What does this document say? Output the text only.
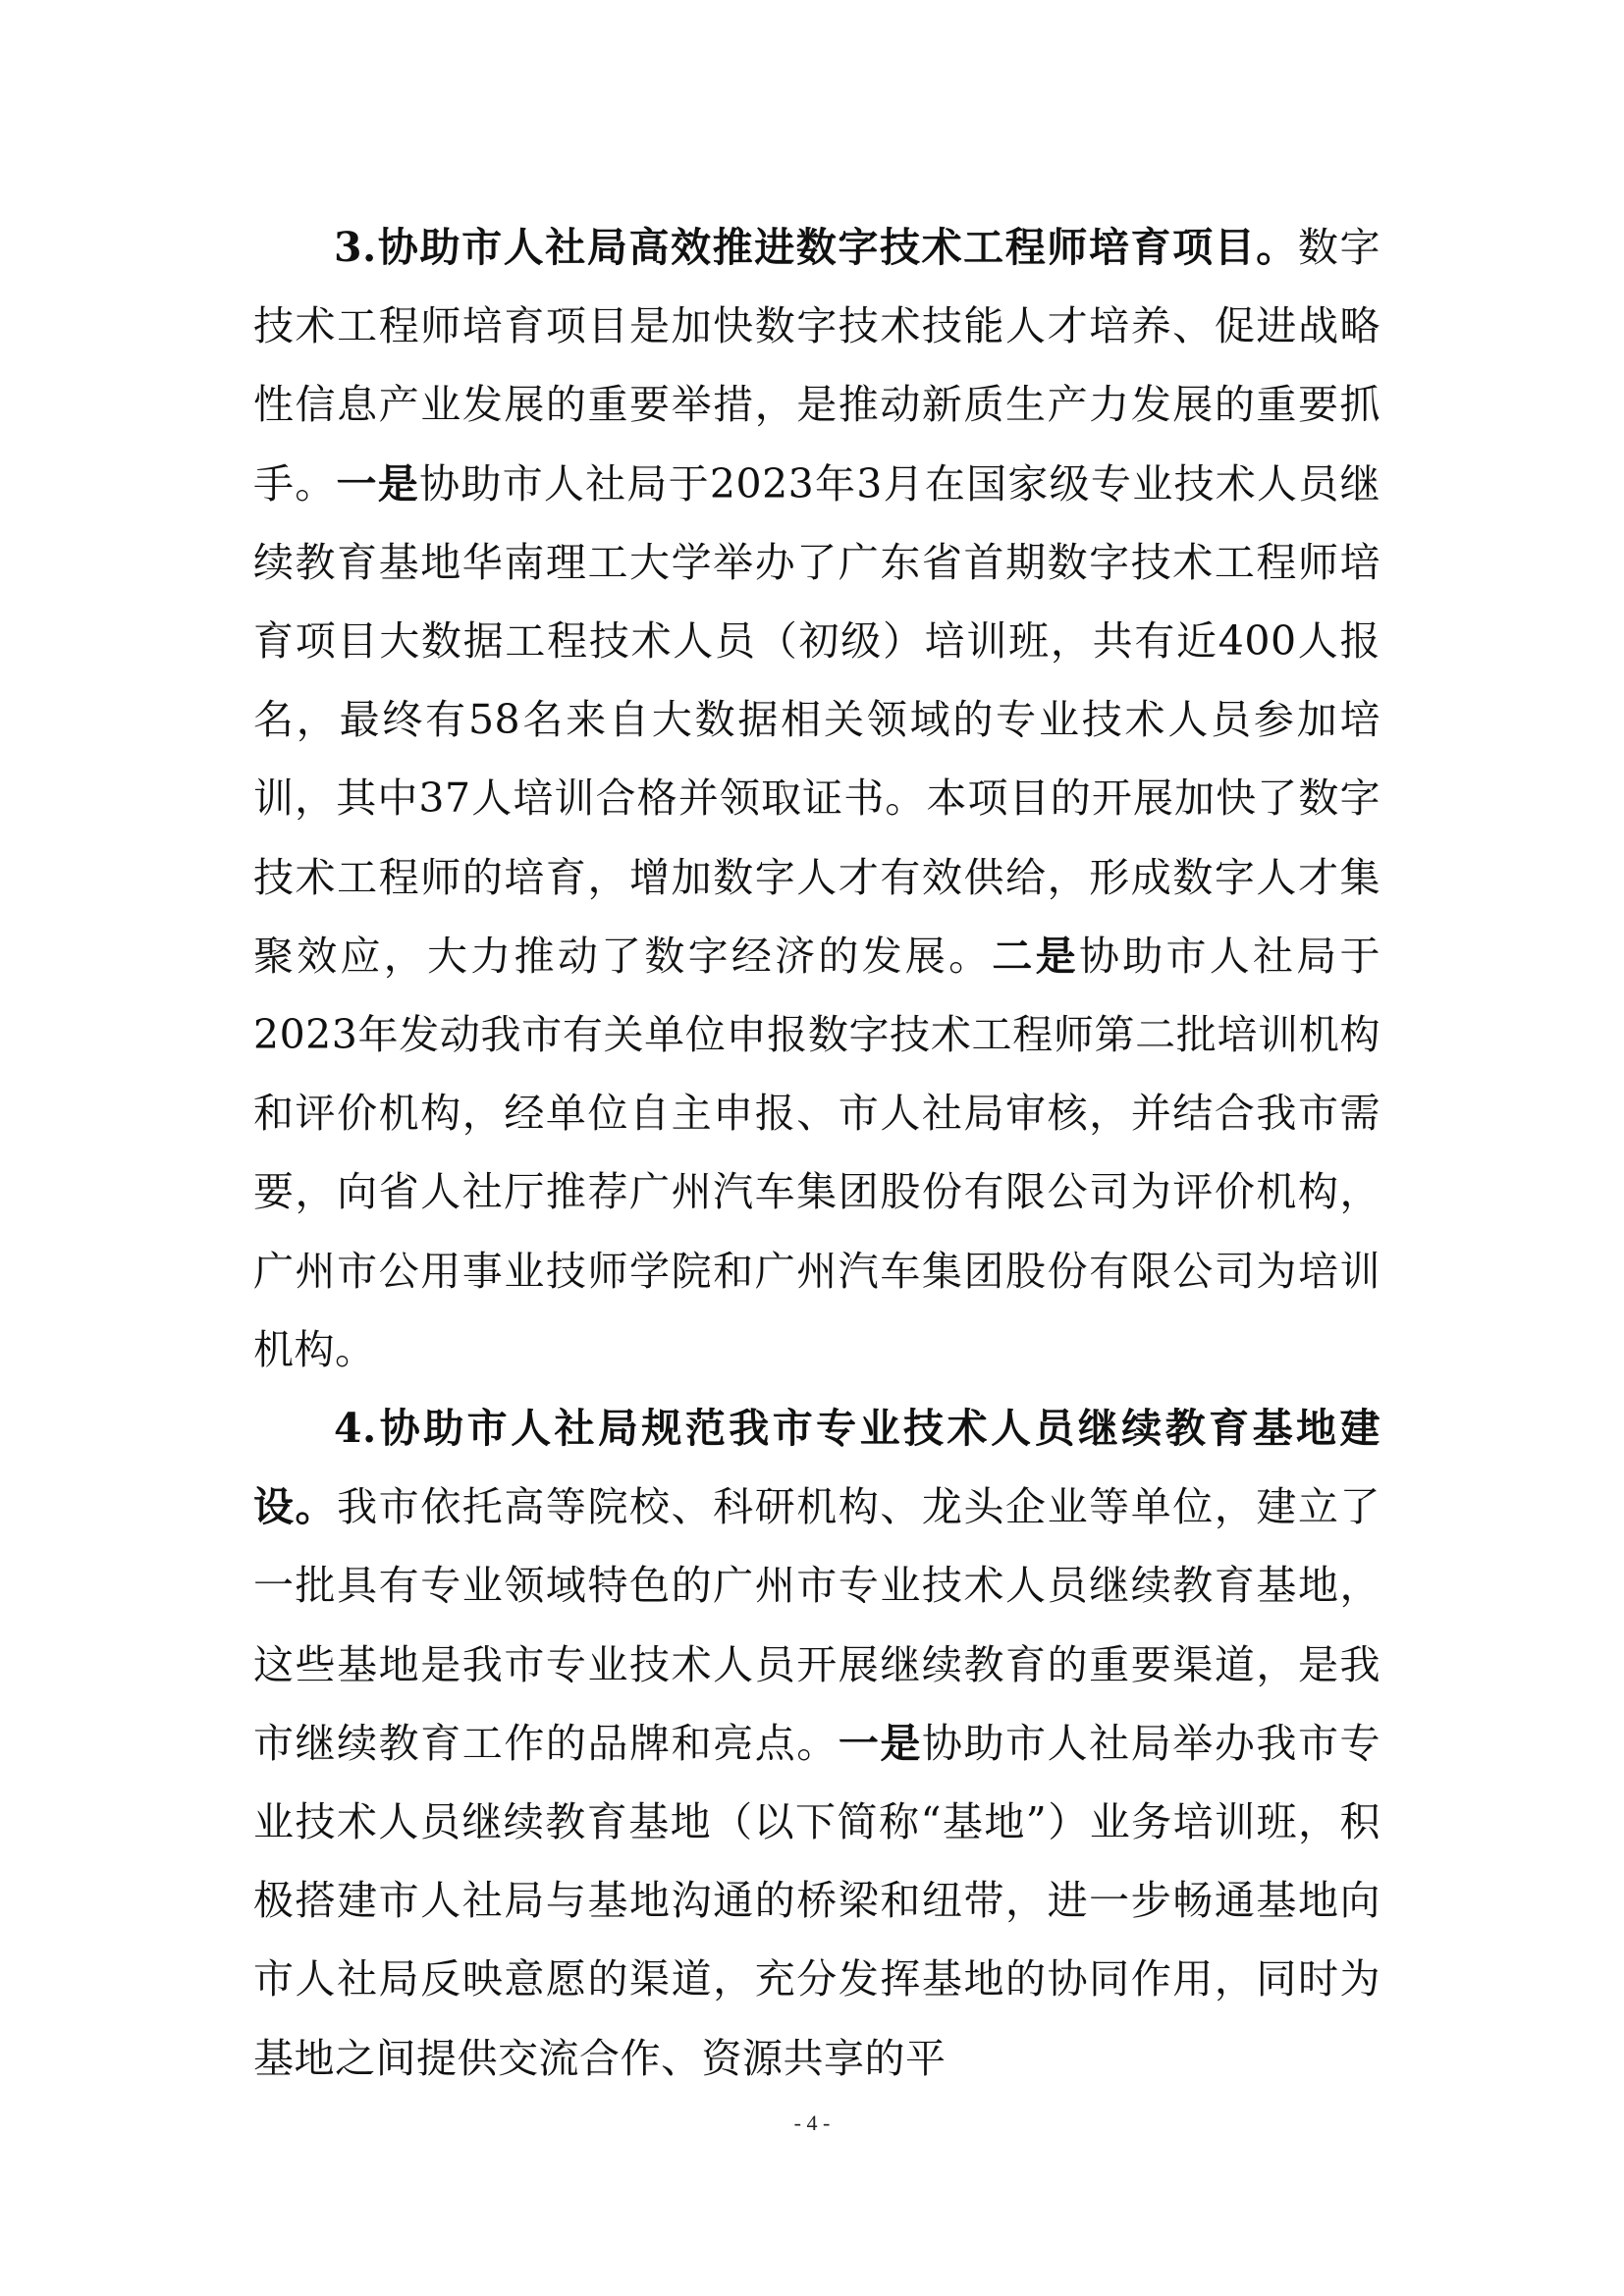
3.协助市人社局高效推进数字技术工程师培育项目。数字技术工程师培育项目是加快数字技术技能人才培养、促进战略性信息产业发展的重要举措，是推动新质生产力发展的重要抓手。一是协助市人社局于2023年3月在国家级专业技术人员继续教育基地华南理工大学举办了广东省首期数字技术工程师培育项目大数据工程技术人员（初级）培训班，共有近400人报名，最终有58名来自大数据相关领域的专业技术人员参加培训，其中37人培训合格并领取证书。本项目的开展加快了数字技术工程师的培育，增加数字人才有效供给，形成数字人才集聚效应，大力推动了数字经济的发展。二是协助市人社局于2023年发动我市有关单位申报数字技术工程师第二批培训机构和评价机构，经单位自主申报、市人社局审核，并结合我市需要，向省人社厅推荐广州汽车集团股份有限公司为评价机构，广州市公用事业技师学院和广州汽车集团股份有限公司为培训机构。

4.协助市人社局规范我市专业技术人员继续教育基地建设。我市依托高等院校、科研机构、龙头企业等单位，建立了一批具有专业领域特色的广州市专业技术人员继续教育基地，这些基地是我市专业技术人员开展继续教育的重要渠道，是我市继续教育工作的品牌和亮点。一是协助市人社局举办我市专业技术人员继续教育基地（以下简称“基地”）业务培训班，积极搭建市人社局与基地沟通的桥梁和纽带，进一步畅通基地向市人社局反映意愿的渠道，充分发挥基地的协同作用，同时为基地之间提供交流合作、资源共享的平

- 4 -
